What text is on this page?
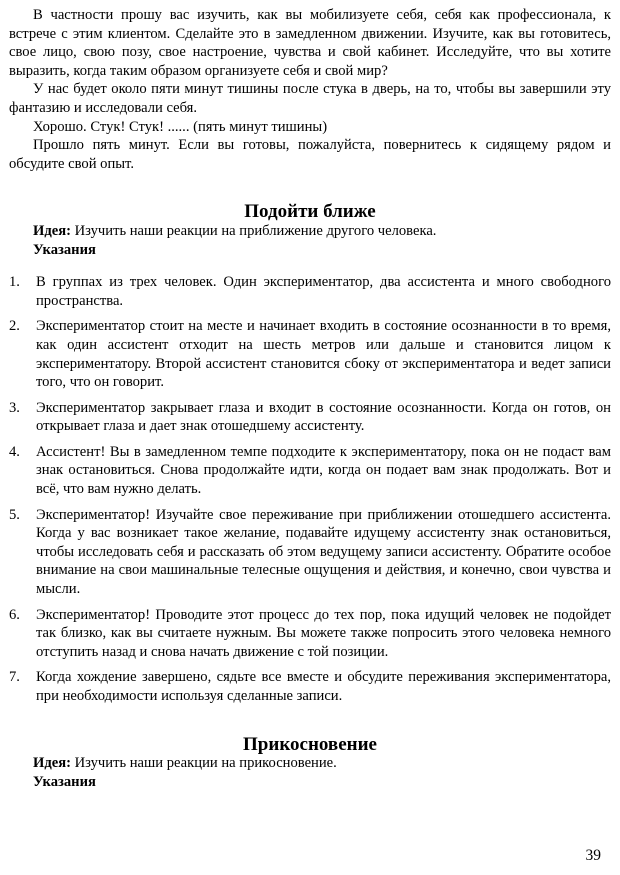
В частности прошу вас изучить, как вы мобилизуете себя, себя как профессионала, к встрече с этим клиентом. Сделайте это в замедленном движении. Изучите, как вы готовитесь, свое лицо, свою позу, свое настроение, чувства и свой кабинет. Исследуйте, что вы хотите выразить, когда таким образом организуете себя и свой мир?

У нас будет около пяти минут тишины после стука в дверь, на то, чтобы вы завершили эту фантазию и исследовали себя.

Хорошо. Стук! Стук! ...... (пять минут тишины)

Прошло пять минут. Если вы готовы, пожалуйста, повернитесь к сидящему рядом и обсудите свой опыт.

Подойти ближе

Идея: Изучить наши реакции на приближение другого человека.

Указания

В группах из трех человек. Один экспериментатор, два ассистента и много свободного пространства.
Экспериментатор стоит на месте и начинает входить в состояние осознанности в то время, как один ассистент отходит на шесть метров или дальше и становится лицом к экспериментатору. Второй ассистент становится сбоку от экспериментатора и ведет записи того, что он говорит.
Экспериментатор закрывает глаза и входит в состояние осознанности. Когда он готов, он открывает глаза и дает знак отошедшему ассистенту.
Ассистент! Вы в замедленном темпе подходите к экспериментатору, пока он не подаст вам знак остановиться. Снова продолжайте идти, когда он подает вам знак продолжать. Вот и всё, что вам нужно делать.
Экспериментатор! Изучайте свое переживание при приближении отошедшего ассистента. Когда у вас возникает такое желание, подавайте идущему ассистенту знак остановиться, чтобы исследовать себя и рассказать об этом ведущему записи ассистенту. Обратите особое внимание на свои машинальные телесные ощущения и действия, и конечно, свои чувства и мысли.
Экспериментатор! Проводите этот процесс до тех пор, пока идущий человек не подойдет так близко, как вы считаете нужным. Вы можете также попросить этого человека немного отступить назад и снова начать движение с той позиции.
Когда хождение завершено, сядьте все вместе и обсудите переживания экспериментатора, при необходимости используя сделанные записи.
Прикосновение

Идея: Изучить наши реакции на прикосновение.

Указания

39
